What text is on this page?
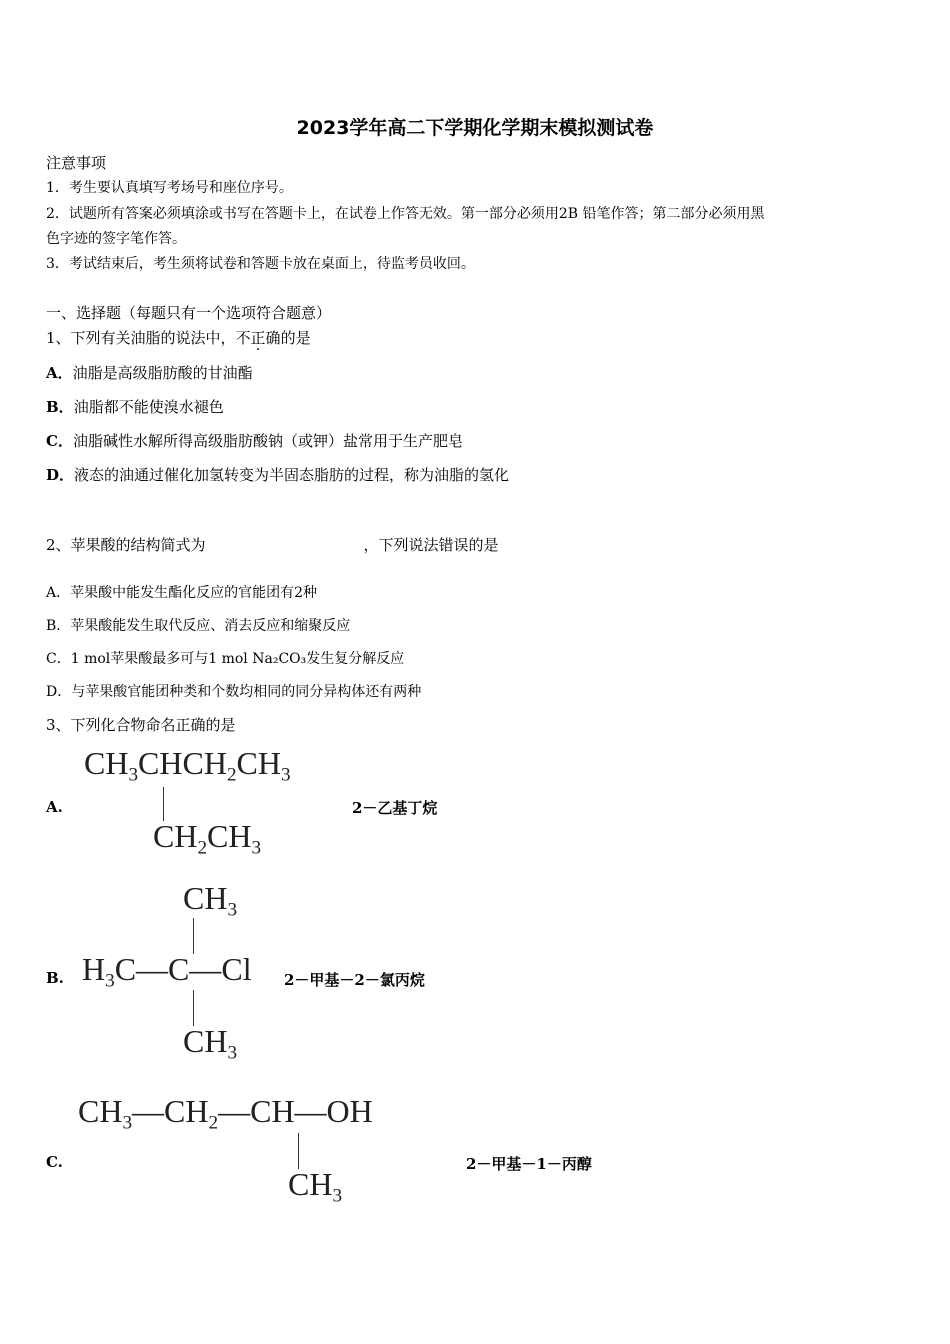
2023学年高二下学期化学期末模拟测试卷
注意事项
1．考生要认真填写考场号和座位序号。
2．试题所有答案必须填涂或书写在答题卡上，在试卷上作答无效。第一部分必须用2B 铅笔作答；第二部分必须用黑
色字迹的签字笔作答。
3．考试结束后，考生须将试卷和答题卡放在桌面上，待监考员收回。
一、选择题（每题只有一个选项符合题意）
1、下列有关油脂的说法中，不正确的是
A．油脂是高级脂肪酸的甘油酯
B．油脂都不能使溴水褪色
C．油脂碱性水解所得高级脂肪酸钠（或钾）盐常用于生产肥皂
D．液态的油通过催化加氢转变为半固态脂肪的过程，称为油脂的氢化
2、苹果酸的结构简式为	，下列说法错误的是
A．苹果酸中能发生酯化反应的官能团有2种
B．苹果酸能发生取代反应、消去反应和缩聚反应
C．1 mol苹果酸最多可与1 mol Na₂CO₃发生复分解反应
D．与苹果酸官能团种类和个数均相同的同分异构体还有两种
3、下列化合物命名正确的是
A.
$CH_3CHCH_2CH_3$
$CH_2CH_3$
2－乙基丁烷
B.
$CH_3$
$H_3C—C—Cl$
$CH_3$
2－甲基－2－氯丙烷
C.
$CH_3—CH_2—CH—OH$
$CH_3$
2－甲基－1－丙醇
